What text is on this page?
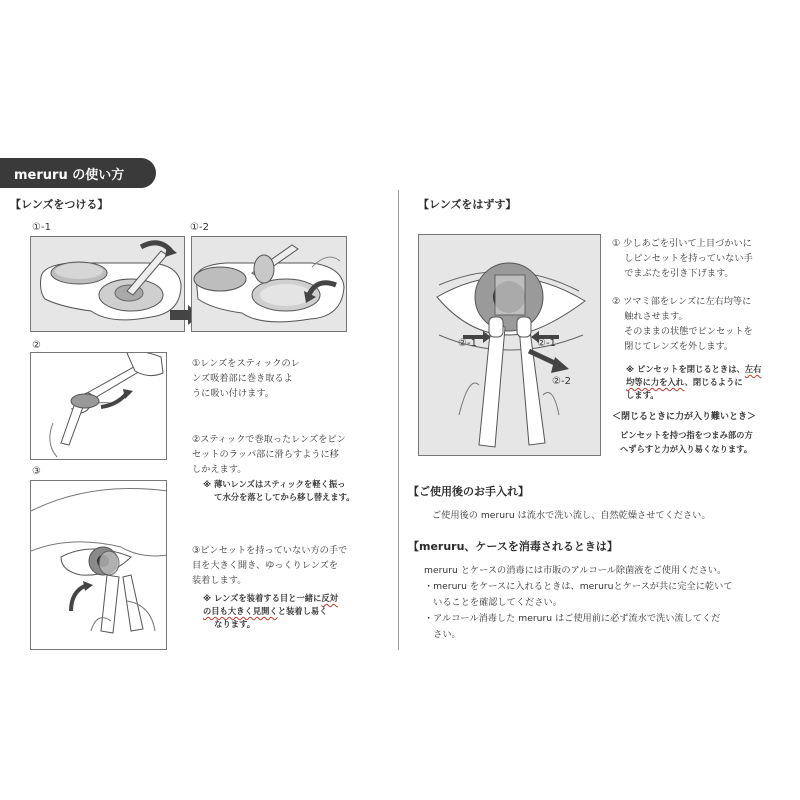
meruru の使い方
【レンズをつける】
①-1	①-2
②
③
①レンズをスティックのレ
ンズ吸着部に巻き取るよ
うに吸い付けます。
②スティックで巻取ったレンズをピン
セットのラッパ部に滑らすように移
しかえます。
※ 薄いレンズはスティックを軽く振っ
　 て水分を落としてから移し替えます。
③ピンセットを持っていない方の手で
目を大きく開き、ゆっくりレンズを
装着します。
※ レンズを装着する目と一緒に反対
の目も大きく見開くと装着し易く
　 なります。
【レンズをはずす】
②-1	②-1
②-2
① 少しあごを引いて上目づかいに
　 しピンセットを持っていない手
　 でまぶたを引き下げます。
② ツマミ部をレンズに左右均等に
　 触れさせます。
　 そのままの状態でピンセットを
　 閉じてレンズを外します。
※ ピンセットを閉じるときは、左右
均等に力を入れ、閉じるように
します。
＜閉じるときに力が入り難いとき＞
ピンセットを持つ指をつまみ部の方
へずらすと力が入り易くなります。
【ご使用後のお手入れ】
ご使用後の meruru は流水で洗い流し、自然乾燥させてください。
【meruru、ケースを消毒されるときは】
meruru とケースの消毒には市販のアルコール除菌液をご使用ください。
・meruru をケースに入れるときは、meruruとケースが共に完全に乾いて
　いることを確認してください。
・アルコール消毒した meruru はご使用前に必ず流水で洗い流してくだ
　さい。
